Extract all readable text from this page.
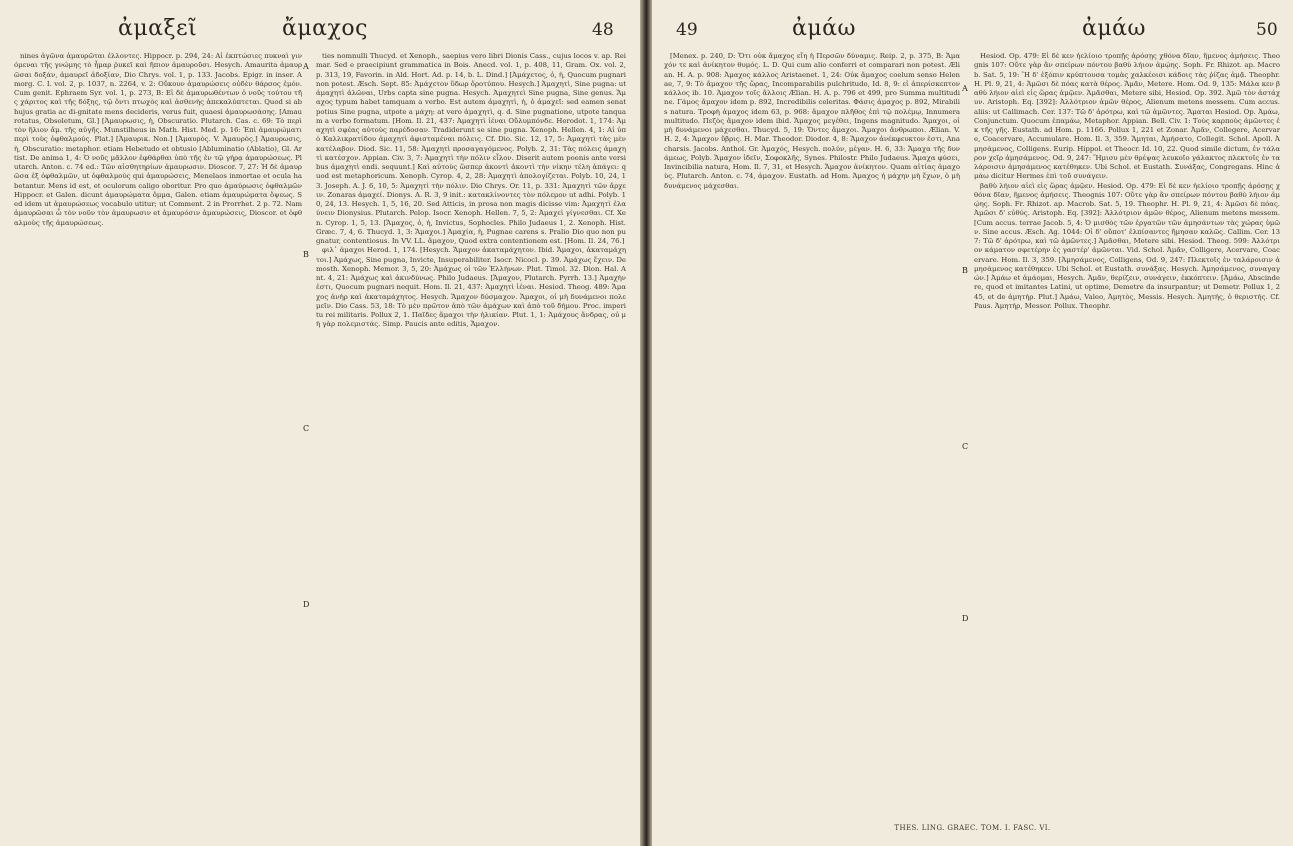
ἀμαξεῖ	ἄμαχος	48

nines ἀγῶνα ἀμαυρῶται ἐλλοντες. Hippocr. p. 294, 24: Αἱ ἐκπτώσιες πυκναὶ γινόμεναι τῆς γνώμης τὸ ἦμαρ ῥυκεῖ καὶ ἤπιον ἀμαυροῦσι. Hesych. Amaurita ἀμαυρῶσαι δοξάν, ἀμαυρεῖ ἀδοξίαν, Dio Chrys. vol. 1, p. 133. Jacobs. Epigr. in inser. Amorg. C. I. vol. 2, p. 1037, n. 2264, v. 2: Οὔκουν ἀμαυρώσεις οὐδὲν θάρσος ἐμόν. Cum genit. Ephraem Syr. vol. 1, p. 273, B: Εἰ δὲ ἀμαυρωθέντων ὁ νοῦς τούτου τῆς χάριτος καὶ τῆς δόξης, τῷ ὄντι πτωχὸς καὶ ἀσθενὴς ἀπεκαλύπτεται. Quod si ab hujus gratia ac di-gnitate mens decideris, verus fuit, quaesi ἀμαυρωσάσης. [Amaurotatus, Obsoletum, Gl.] [Ἀμαυρωσις, ἡ, Obscuratio. Plutarch. Cas. c. 69: Τὸ περὶ τὸν ἥλιον ἄμ. τῆς αὐγῆς. Munstilheus in Math. Hist. Med. p. 16: Ἐπὶ ἀμαυρώματι περὶ τοὺς ὀφθαλμούς. Plat.] [Ἀμαυρικ. Non.] [Ἀμαυρὸς. V. Ἀμαυρὸς.] Ἀμαυρωσις, ἡ, Obscuratio: metaphor. etiam Hebetudo et obtusio [Abluminatio (Ablatio), Gl. Artist. De anima 1, 4: Ὁ νοῦς μᾶλλον ἐφθάρθαι ὑπὸ τῆς ἐν τῷ γήρᾳ ἀμαυρώσεως. Plutarch. Anton. c. 74 ed.: Τῶν αἰσθητηρίων ἀμαυρωσιν. Dioscor. 7, 27: Ἡ δὲ ἀμαυρῶσα ἐξ ὀφθαλμῶν, ut ὀφθαλμοὺς qui ἀμαυρώσεις, Menelaos inmortae et ocula habetantur. Mens id est, et oculorum caligo oboritur. Pro quo ἀμαύρωσις ὀφθαλμῶν Hippocr. et Galen. dicunt ἀμαυρώματα ὄμμα, Galen. etiam ἀμαυρώματα ὄψεως. Sed idem ut ἀμαυρώσεως vocabulo utitur; ut Comment. 2 in Prorrhet. 2 p. 72. Nam ἀμαυρῶσαι ὦ τὸν νοῦν τὸν ἀμαυρωσιν et ἀμαυρόσιν ἀμαυρώσεις, Dioscor. et ὀφθαλμοὺς τῆς ἀμαυρώσεως.

A
B
C
D

ties nomnulli Thucyd. et Xenoph., saepius vero libri Dionis Cass., cujus locos v. ap. Reimar. Sed e praecipiunt grammatica in Bois. Anecd. vol. 1, p. 408, 11, Gram. Ox. vol. 2, p. 313, 19, Favorin. in Ald. Hort. Ad. p. 14, b. L. Dind.] [Ἀμάχετος, ὁ, ἡ, Quocum pugnari non potest. Æsch. Sept. 85: Ἀμάχετον ὕδωρ ὄροτύπου. Hesych.] Ἀμαχητὶ, Sine pugna: ut ἀμαχητὶ ἀλῶναι, Urbs capta sine pugna. Hesych. Ἀμαχητεὶ Sine pugna, Sine genus. Ἄμαχος typum habet tamquam a verbo. Est autem ἀμαχητὶ, ἡ, ὁ ἀμαχεῖ: sed eamen senat potius Sine pugna, utpote a μάχη: at vero ἀμαχητὶ, q. d. Sine pugnatione, utpote tanquam a verbo formatum. [Hom. Il. 21, 437: Ἀμαχητὶ ἰέναι Οὔλυμπόνδε. Herodot. 1, 174: Ἀμαχητὶ σφέας αὐτοὺς παρέδοσαν. Tradiderunt se sine pugna. Xenoph. Hellen. 4, 1: Αἱ ὑπὸ Καλλικρατίδου ἀμαχητὶ ἀφισταμέναι πόλεις. Cf. Dio. Sic. 12, 17, 5: Ἀμαχητὶ τὰς μὲν κατέλαβον. Diod. Sic. 11, 58: Ἀμαχητὶ προσαγαγόμενος. Polyb. 2, 31: Τὰς πόλεις ἀμαχητὶ κατέσχον. Appian. Civ. 3, 7: Ἀμαχητὶ τὴν πόλιν εἷλον. Diserit autem poenis ante versibus ἀμαχητὶ endi. sequunt.] Καὶ αὐτοὺς ὥσπερ ἀκοντὶ ἀκοντὶ τὴν νίκην τέλη ἀπάγει: quod est metaphoricum. Xenoph. Cyrop. 4, 2, 28: Ἀμαχητὶ ἀπολογίζεται. Polyb. 10, 24, 13. Joseph. A. J. 6, 10, 5: Ἀμαχητὶ τὴν πόλιν. Dio Chrys. Or. 11, p. 331: Ἀμαχητὶ τῶν ἄρχειν. Zonaras ἀμαχεί. Dionys. A. R. 3, 9 init.: κατακλίνοντες τὸν πόλεμον ut adhi. Polyb. 10, 24, 13. Hesych. 1, 5, 16, 20. Sed Atticis, in prosa non magis dicisse vim: Ἀμαχητὶ ἐλαύνειν Dionysius. Plutarch. Pelop. Isocr. Xenoph. Hellen. 7, 5, 2: Ἀμαχεὶ γίγνεσθαι. Cf. Xen. Cyrop. 1, 5, 13. [Ἄμαχος, ὁ, ἡ, Invictus, Sophocles. Philo Judaeus 1, 2. Xenoph. Hist. Græc. 7, 4, 6. Thucyd. 1, 3: Ἄμαχοι.] Ἀμαχία, ἡ, Pugnae carens s. Pralio Dio quo non pugnatur, contentiosus. In VV. LL. ἄμαχον, Quod extra contentionem est. [Hom. Il. 24, 76.]

φιλ᾽ ἀμαχοι Herod. 1, 174. [Hesych. Ἄμαχον ἀκαταμάχητον. Ibid. Ἄμαχοι, ἀκαταμάχητοι.] Ἀμάχως, Sine pugna, Invicte, Insuperabiliter. Isocr. Nicocl. p. 39. Ἀμάχως ἔχειν. Demosth. Xenoph. Memor. 3, 5, 20: Ἀμάχως οἱ τῶν Ἑλλήνων. Plut. Timol. 32. Dion. Hal. Ant. 4, 21: Ἀμάχως καὶ ἀκινδύνως. Philo Judaeus. [Ἄμαχον, Plutarch. Pyrrh. 13.] Ἀμαχὴν ἐστι, Quocum pugnari nequit. Hom. Il. 21, 437: Ἀμαχητὶ ἰέναι. Hesiod. Theog. 489: Ἄμαχος ἀνὴρ καὶ ἀκαταμάχητος. Hesych. Ἄμαχον δύσμαχον. Ἄμαχοι, οἱ μὴ δυνάμενοι πολεμεῖν. Dio Cass. 53, 18: Τὸ μὲν πρῶτον ἀπὸ τῶν ἀμάχων καὶ ἀπὸ τοῦ δήμου. Proc. imperitu rei militaris. Pollux 2, 1. Παῖδες ἄμαχοι τὴν ἡλικίαν. Plut. 1, 1: Ἀμάχους ἄνδρας, οὐ μὴ γὰρ πολεμιστάς. Simp. Paucis ante editis, Ἄμαχον.

49	ἀμάω	ἀμάω	50

[Menex. p. 240, D: Ὅτι οὐκ ἄμαχος εἴη ἡ Περσῶν δύναμις. Reip. 2, p. 375, B: Ἄμαχόν τε καὶ ἀνίκητον θυμός. L. D. Qui cum alio conferri et comparari non potest. Ælian. H. A. p. 908: Ἀμαχος κάλλος Aristaenet. 1, 24: Οὐκ ἄμαχος coelum senso Helenae, 7, 9: Τὸ ἄμαχον τῆς ὥρας, Incomparabilis pulchritudo, Id. 8, 9: εἰ ἀπερίσκεπτον κάλλος ib. 10. Ἀμαχον τοῖς ἄλλοις Ælian. H. A. p. 796 et 499, pro Summa multitudine. Γάμος ἄμαχον idem p. 892, Incredibilis celeritas. Φάσις ἀμαχος p. 892, Mirabilis natura. Τροφὴ ἀμαχος idem 63, p. 968: ἄμαχον πλῆθος ἐπὶ τῷ πολέμῳ, Innumera multitudo. Πεζὸς ἄμαχον idem ibid. Ἄμαχος μεγέθει, Ingens magnitudo. Ἄμαχοι, οἱ μὴ δυνάμενοι μάχεσθαι. Thucyd. 5, 19: Ὄντες ἄμαχοι. Ἄμαχοι ἄνθρωποι. Ælian. V. H. 2, 4: Ἄμαχον ὕβρις. H. Mar. Theodor. Diodor. 4, 8: Ἄμαχον ἀνέκφευκτον ἐστι, Anacharsis. Jacobs. Anthol. Gr. Ἀμαχός, Hesych. πολύν, μέγαν. H. 6, 33: Ἄμαχα τῆς δυνάμεως, Polyb. Ἄμαχον ἰδεῖν, Σοφοκλῆς, Synes. Philostr. Philo Judaeus. Ἄμαχα φύσει, Invincibilia natura, Hom. Il. 7, 31, et Hesych. Ἄμαχον ἀνίκητον. Quam αἰτίας ἀμαχοὺς. Plutarch. Anton. c. 74, ἀμαχον. Eustath. ad Hom. Ἀμαχος ἡ μάχην μὴ ἔχων, ὁ μὴ δυνάμενος μάχεσθαι.

A
B
C
D

Hesiod. Op. 479: Εἰ δὲ κεν ἠελίοιο τροπῇς ἀρόσῃς χθόνα δῖαν, ἥμενος ἀμήσεις. Theognis 107: Οὔτε γὰρ ἂν σπείρων πόντου βαθὺ λήιον ἀμῴης. Soph. Fr. Rhizot. ap. Macrob. Sat. 5, 19: Ἢ δ' ἐξόπιν κρύπτουσα τομὰς χαλκέοισι κάδοις τὰς ῥίζας ἀμᾷ. Theophr. H. Pl. 9, 21, 4: Ἀμῶσι δὲ πόας κατὰ θέρος. Ἄμᾶν, Metere. Hom. Od. 9, 135: Μάλα κεν βαθὺ λήιον αἰεὶ εἰς ὥρας ἀμῷεν. Ἀμᾶσθαι, Metere sibi, Hesiod. Op. 392. Ἀμῶ τὸν ἀστάχυν. Aristoph. Eq. [392]: Ἀλλότριον ἀμῶν θέρος, Alienum metens messem. Cum accus. aliis: ut Callimach. Cer. 137: Τῶ δ' ἀρότρω, καὶ τῶ ἀμῶντες. Ἄμαται Hesiod. Op. Ἀμάω, Conjunctum. Quocum ἐπαμάω, Metaphor. Appian. Bell. Civ. 1: Τοὺς καρποὺς ἀμῶντες ἐκ τῆς γῆς. Eustath. ad Hom. p. 1166. Pollux 1, 221 et Zonar. Ἀμᾶν, Collegere, Acervare, Coacervare, Accumulare. Hom. Il. 3, 359. Ἄμηται, Ἀμήσατο, Collegit. Schol. Apoll. Ἀμησάμενος, Colligens. Eurip. Hippol. et Theocr. Id. 10, 22. Quod simile dictum, ἐν τάλαρον χεῖρ ἀμησάμενος. Od. 9, 247: Ἥμισυ μὲν θρέψας λευκοῖο γάλακτος πλεκτοῖς ἐν ταλάροισιν ἀμησάμενος κατέθηκεν. Ubi Schol. et Eustath. Συνάξας, Congregans. Hinc ἀμάω dicitur Hermes ἐπὶ τοῦ συνάγειν.

βαθὺ λήιον αἰεὶ εἰς ὥρας ἀμῷεν. Hesiod. Op. 479: Εἰ δὲ κεν ἠελίοιο τροπῇς ἀρόσῃς χθόνα δῖαν, ἥμενος ἀμήσεις. Theognis 107: Οὔτε γὰρ ἂν σπείρων πόντου βαθὺ λήιον ἀμῴης. Soph. Fr. Rhizot. ap. Macrob. Sat. 5, 19. Theophr. H. Pl. 9, 21, 4: Ἀμῶσι δὲ πόας. Ἀμῶσι δ' εὐθύς. Aristoph. Eq. [392]: Ἀλλότριον ἀμῶν θέρος, Alienum metens messem. [Cum accus. terrae Jacob. 5, 4: Ὁ μισθὸς τῶν ἐργατῶν τῶν ἀμησάντων τὰς χώρας ὑμῶν. Sine accus. Æsch. Ag. 1044: Οἱ δ' οὔποτ' ἐλπίσαντες ἤμησαν καλῶς. Callim. Cer. 137: Τῶ δ' ἀρότρω, καὶ τῶ ἀμῶντες.] Ἀμᾶσθαι, Metere sibi. Hesiod. Theog. 599: Ἀλλότριον κάματον σφετέρην ἐς γαστέρ' ἀμῶνται. Vid. Schol. Ἀμᾶν, Colligere, Acervare, Coacervare. Hom. Il. 3, 359. [Ἀμησάμενος, Colligens, Od. 9, 247: Πλεκτοῖς ἐν ταλάροισιν ἀμησάμενος κατέθηκεν. Ubi Schol. et Eustath. συνάξας. Hesych. Ἀμησάμενος, συναγαγών.] Ἀμάω et ἀμάομαι, Hesych. Ἀμᾶν, θερίζειν, συνάγειν, ἐκκόπτειν. [Ἀμάω, Abscindere, quod et imitantes Latini, ut optime, Demetre da insurpantur; ut Demetr. Pollux 1, 245, et de ἀμητήρ. Plut.] Ἀμάω, Valeo, Ἀμητὸς, Messis. Hesych. Ἀμητής, ὁ θεριστής. Cf. Paus. Ἀμητήρ, Messor. Pollux. Theophr.

THES. LING. GRAEC. TOM. I. FASC. VI.
